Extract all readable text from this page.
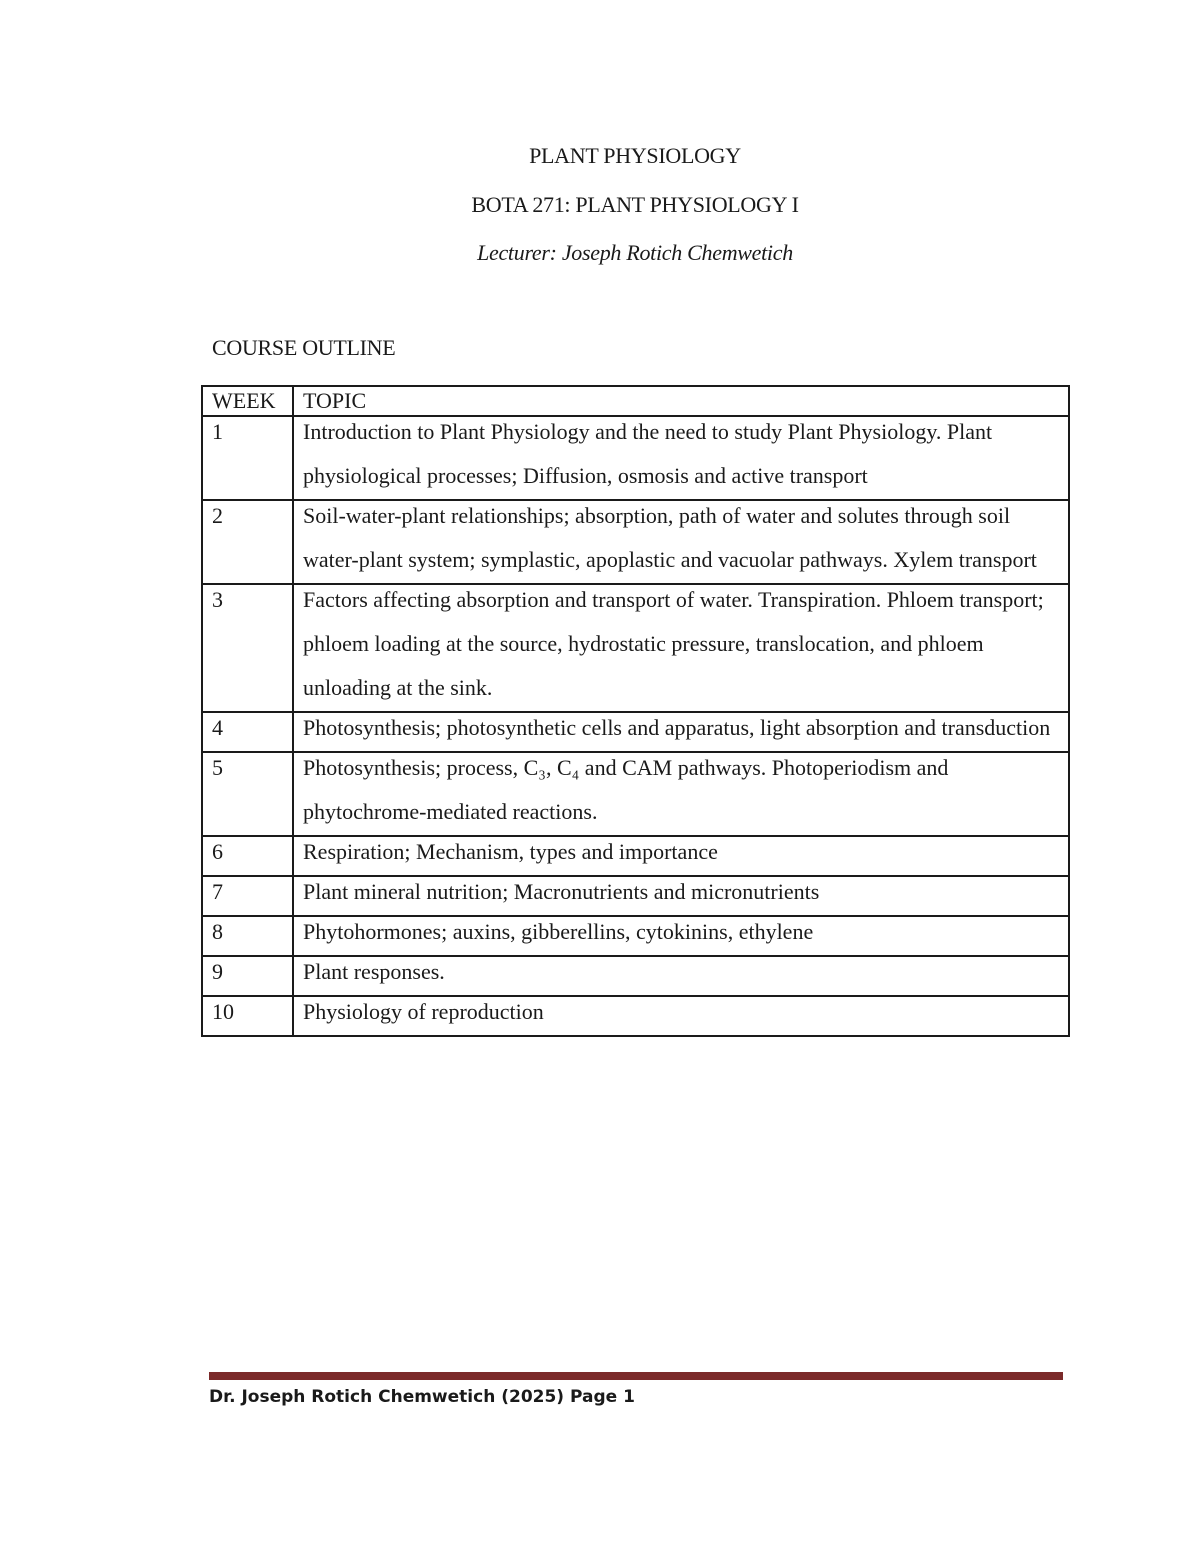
PLANT PHYSIOLOGY
BOTA 271: PLANT PHYSIOLOGY I
Lecturer: Joseph Rotich Chemwetich
COURSE OUTLINE
WEEK	TOPIC

1	Introduction to Plant Physiology and the need to study Plant Physiology. Plant physiological processes; Diffusion, osmosis and active transport

2	Soil-water-plant relationships; absorption, path of water and solutes through soil water-plant system; symplastic, apoplastic and vacuolar pathways. Xylem transport

3	Factors affecting absorption and transport of water. Transpiration. Phloem transport; phloem loading at the source, hydrostatic pressure, translocation, and phloem unloading at the sink.

4	Photosynthesis; photosynthetic cells and apparatus, light absorption and transduction

5	Photosynthesis; process, C₃, C₄ and CAM pathways. Photoperiodism and phytochrome-mediated reactions.

6	Respiration; Mechanism, types and importance

7	Plant mineral nutrition; Macronutrients and micronutrients

8	Phytohormones; auxins, gibberellins, cytokinins, ethylene

9	Plant responses.

10	Physiology of reproduction
Dr. Joseph Rotich Chemwetich (2025) Page 1
